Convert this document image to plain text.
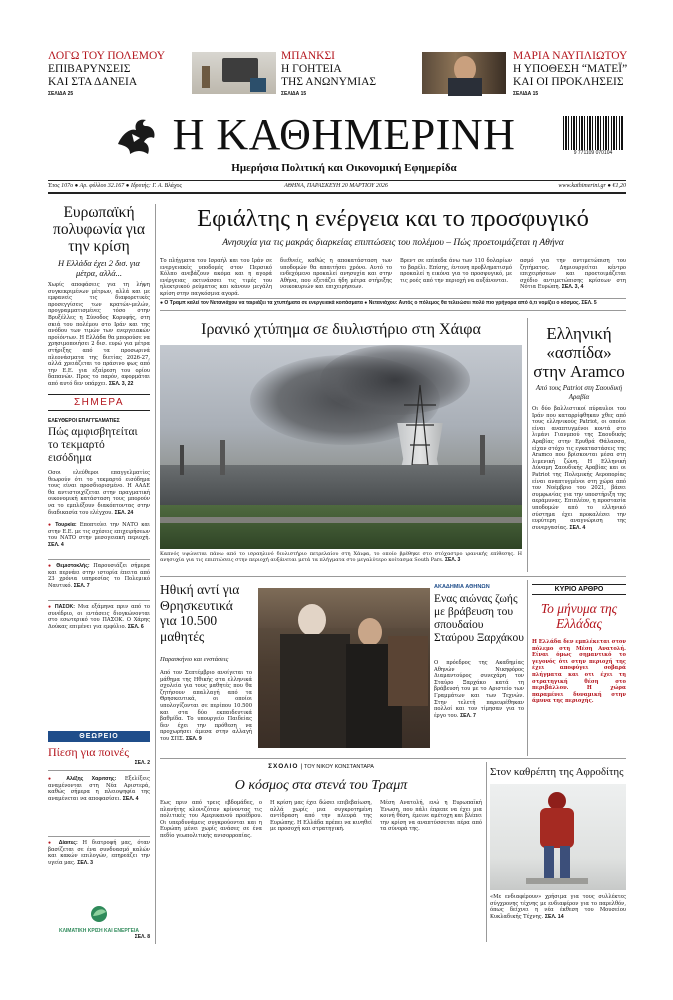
ΛΟΓΩ ΤΟΥ ΠΟΛΕΜΟΥ
ΕΠΙΒΑΡΥΝΣΕΙΣ
ΚΑΙ ΣΤΑ ΔΑΝΕΙΑ
ΣΕΛΙΔΑ 25
ΜΠΑΝΚΣΙ
Η ΓΟΗΤΕΙΑ
ΤΗΣ ΑΝΩΝΥΜΙΑΣ
ΣΕΛΙΔΑ 15
ΜΑΡΙΑ ΝΑΥΠΛΙΩΤΟΥ
Η ΥΠΟΘΕΣΗ “ΜΑΤΕΪ”
ΚΑΙ ΟΙ ΠΡΟΚΛΗΣΕΙΣ
ΣΕΛΙΔΑ 15
Η ΚΑΘΗΜΕΡΙΝΗ
Ημερήσια Πολιτική και Οικονομική Εφημερίδα
9 771109 070104
Έτος 107ο ● Αρ. φύλλου 32.167 ● Ιδρυτής: Γ. Α. Βλάχος	ΑΘΗΝΑ, ΠΑΡΑΣΚΕΥΗ 20 ΜΑΡΤΙΟΥ 2026	www.kathimerini.gr ● €1,20
Ευρωπαϊκή πολυφωνία για την κρίση
Η Ελλάδα έχει 2 δισ. για μέτρα, αλλά...
Χωρίς αποφάσεις για τη λήψη συγκεκριμένων μέτρων, αλλά και με εμφανείς τις διαφορετικές προσεγγίσεις των κρατών-μελών, προγραμματισμένες τόσο στην Βρυξέλλες η Σύνοδος Κορυφής, στη σκιά του πολέμου στο Ιράν και της ανόδου των τιμών των ενεργειακών προϊόντων. Η Ελλάδα θα μπορούσε να χρησιμοποιήσει 2 δισ. ευρώ για μέτρα στήριξης από τα προσωρινά πλεονάσματα της διετίας 2026-27, αλλά χρειάζεται το πράσινο φως από την Ε.Ε. για εξαίρεση του ορίου δαπανών. Προς το παρόν, αφορμάται από αυτό δεν υπάρχει. ΣΕΛ. 3, 22
ΣΗΜΕΡΑ
ΕΛΕΥΘΕΡΟΙ ΕΠΑΓΓΕΛΜΑΤΙΕΣ
Πώς αμφισβητείται το τεκμαρτό εισόδημα
Οσοι ελεύθεροι επαγγελματίες θεωρούν ότι το τεκμαρτό εισόδημα τους είναι προσδιορισμένο. Η ΑΑΔΕ θα αντιστοιχίζεται στην πραγματική οικονομική κατάσταση τους μπορούν να το εμπλέξουν διακόπτοντας στην διαδικασία του ελέγχου. ΣΕΛ. 24
● Τουρκία: Εποπτεύει την ΝΑΤΟ και στην Ε.Ε. με τις σχέσεις επιχειρήσεων του ΝΑΤΟ στην μεσογειακή περιοχή. ΣΕΛ. 4
● Θεμιστοκλής: Παρουσιάζει σήμερα και περνάει στην ιστορία έπειτα από 23 χρόνια υπηρεσίας το Πολεμικό Ναυτικό. ΣΕΛ. 7
● ΠΑΣΟΚ: Μια εξάμηνα πριν από το συνέδριο, οι εντάσεις διογκώνονται στο εσωτερικό του ΠΑΣΟΚ. Ο Χάρης Δούκας επιμένει για εμφύλιο. ΣΕΛ. 6
ΘΕΩΡΕΙΟ
Πίεση για ποινές
ΣΕΛ. 2
● Αλέξης Χαριτσης: Εξελίξεις αναμένονται στη Νέα Αριστερά, καθώς σήμερα η πλειοψηφία της αναμένεται να αποφασίσει. ΣΕΛ. 4
● Δίαιτες: Η διατροφή μας, όταν βασίζεται σε ένα συνδυασμό καλών και κακών επιλογών, επηρεάζει την υγεία μας. ΣΕΛ. 3
ΚΛΙΜΑΤΙΚΗ ΚΡΙΣΗ ΚΑΙ ΕΝΕΡΓΕΙΑ
ΣΕΛ. 8
Εφιάλτης η ενέργεια και το προσφυγικό
Ανησυχία για τις μακράς διαρκείας επιπτώσεις του πολέμου – Πώς προετοιμάζεται η Αθήνα
Το πλήγματα του Ισραήλ και του Ιράν σε ενεργειακές υποδομές στον Περσικό Κόλπο ανεβάζουν ακόμα και η αγορά ενέργειας εκτινάσσει τις τιμές του ηλεκτρικού ρεύματος και κάνουν μεγάλη κρίση στην παγκόσμια αγορά.
διεθνείς, καθώς η αποκατάσταση των υποδομών θα απαιτήσει χρόνο. Αυτό το ενδεχόμενο προκαλεί ανησυχία και στην Αθήνα, που εξετάζει ήδη μέτρα στήριξης νοικοκυριών και επιχειρήσεων.
Βρεντ σε επίπεδα άνω των 110 δολαρίων το βαρέλι. Επίσης, έντονη προβληματισμό προκαλεί η εικόνα για το προσφυγικό, με τις ροές από την περιοχή να αυξάνονται.
ασμό για την αντιμετώπιση του ζητήματος. Δημιουργείται κέντρο επιχειρήσεων και προετοιμάζεται σχέδιο αντιμετώπισης κρίσεων στη Νότια Ευρώπη. ΣΕΛ. 3, 4
● Ο Τραμπ καλεί τον Νετανιάχου να ταιριάξει τα χτυπήματα σε ενεργειακά κοιτάσματα ● Νετανιάχου: Αυτός ο πόλεμος θα τελειώσει πολύ πιο γρήγορα από ό,τι νομίζει ο κόσμος. ΣΕΛ. 5
Ιρανικό χτύπημα σε διυλιστήριο στη Χάιφα
Καπνός υψώνεται πάνω από το ισραηλινό διυλιστήριο πετρελαίου στη Χάιφα, το οποίο βρέθηκε στο στόχαστρο ιρανικής επίθεσης. Η ανησυχία για τις επιπτώσεις στην περιοχή αυξάνεται μετά τα πλήγματα στο μεγαλύτερο κοίτασμα South Pars. ΣΕΛ. 3
Ελληνική «ασπίδα» στην Aramco
Από τους Patriot στη Σαουδική Αραβία
Οι δύο βαλλιστικοί πύραυλοι του Ιράν που καταρρίφθηκαν χθες από τους ελληνικούς Patriot, οι οποίοι είναι αναπτυγμένοι κοντά στο λιμάνι Γιανμπού της Σαουδικής Αραβίας στην Ερυθρά Θάλασσα, είχαν στόχο τις εγκαταστάσεις της Aramco που βρίσκονται μέσα στη λιμενική ζώνη. Η Ελληνική Δύναμη Σαουδικής Αραβίας και οι Patriot της Πολεμικής Αεροπορίας είναι αναπτυγμένοι στη χώρα από τον Νοέμβριο του 2021, βάσει συμφωνίας για την υποστήριξη της αεράμυνας. Επιπλέον, η προστασία υποδομών από το ελληνικό σύστημα έχει προκαλέσει την ευρύτερη αναγνώριση της συνεργασίας. ΣΕΛ. 4
Ηθική αντί για Θρησκευτικά για 10.500 μαθητές
Παρασκήνιο και ενστάσεις
Από τον Σεπτέμβριο ανοίγεται το μάθημα της Ηθικής στα ελληνικά σχολεία για τους μαθητές που θα ζητήσουν απαλλαγή από τα Θρησκευτικά, οι οποίοι υπολογίζονται σε περίπου 10.500 και στα δύο εκπαιδευτικά βαθμίδα. Το υπουργείο Παιδείας δεν έχει την πρόθεση να προχωρήσει άμεσα στην αλλαγή του ΣΠΣ. ΣΕΛ. 9
ΑΚΑΔΗΜΙΑ ΑΘΗΝΩΝ
Ενας αιώνας ζωής με βράβευση του σπουδαίου Σταύρου Ξαρχάκου
Ο πρόεδρος της Ακαδημίας Αθηνών Νικηφόρος Διαμαντούρος συνεχάρη τον Σταύρο Ξαρχάκο κατά τη βράβευσή του με το Αριστείο των Γραμμάτων και των Τεχνών. Στην τελετή παρευρέθηκαν πολλοί και τον τίμησαν για το έργο του. ΣΕΛ. 7
ΚΥΡΙΟ ΑΡΘΡΟ
Το μήνυμα της Ελλάδας
Η Ελλάδα δεν εμπλέκεται στον πόλεμο στη Μέση Ανατολή. Είναι όμως σημαντικό το γεγονός ότι στην περιοχή της έχει αποφύγει σοβαρά πλήγματα και οτι έχει τη στρατηγική θέση στο περιβάλλον. Η χώρα παραμένει δυναμική στην άμυνα της περιοχής.
ΣΧΟΛΙΟ | ΤΟΥ ΝΙΚΟΥ ΚΟΝΣΤΑΝΤΑΡΑ
Ο κόσμος στα στενά του Τραμπ
Εως πριν από τρεις εβδομάδες, ο πλανήτης κλονιζόταν κρίνοντας τις πολιτικές του Αμερικανού προέδρου. Οι υπερδυνάμεις συγκρούονται και η Ευρώπη μένει χωρίς ανάσες σε ένα πεδίο γεωπολιτικής ανισορροπίας.
Η κρίση μας έχει δώσει επιβεβαίωση, αλλά χωρίς μια συγκροτημένη αντίδραση από την πλευρά της Ευρώπης. Η Ελλάδα πρέπει να κινηθεί με προσοχή και στρατηγική.
Μέση Ανατολή, ενώ η Ευρωπαϊκή Ένωση, που πάλι έπρεπε να έχει μια κοινή θέση, έμεινε αμέτοχη και βλέπει την κρίση να αναπτύσσεται πέρα από τα σύνορά της.
Στον καθρέπτη της Αφροδίτης
«Με ενδιαφέρουν» χρήσιμα για τους συλλέκτες σύγχρονης τέχνης με ενδιαφέρον για το παρελθόν, όπως δείχνει η νέα έκθεση του Μουσείου Κυκλαδικής Τέχνης. ΣΕΛ. 14
